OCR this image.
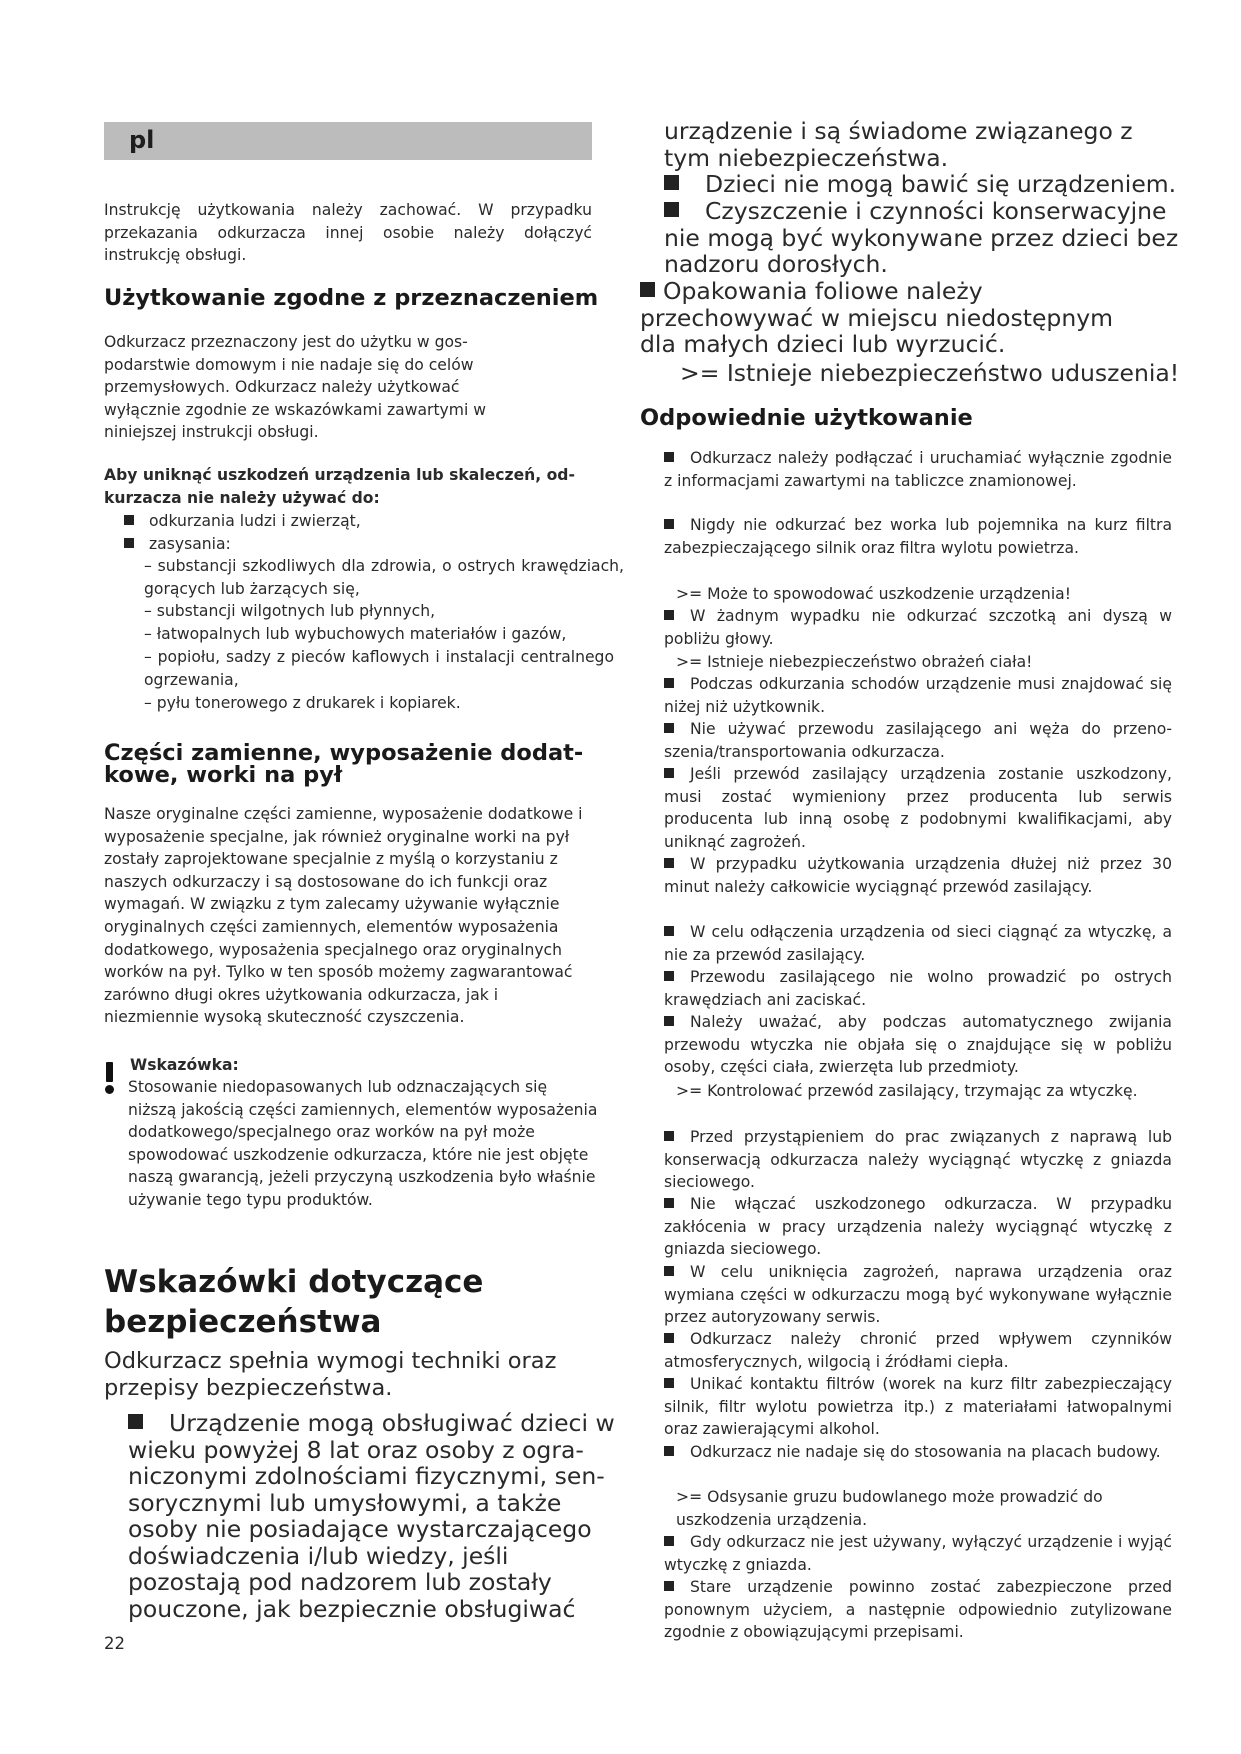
pl

Instrukcję użytkowania należy zachować. W przypadku przekazania odkurzacza innej osobie należy dołączyć instrukcję obsługi.

Użytkowanie zgodne z przeznaczeniem

Odkurzacz przeznaczony jest do użytku w gospodarstwie domowym i nie nadaje się do celów przemysłowych. Odkurzacz należy użytkować wyłącznie zgodnie ze wskazówkami zawartymi w niniejszej instrukcji obsługi.

Aby uniknąć uszkodzeń urządzenia lub skaleczeń, odkurzacza nie należy używać do:

odkurzania ludzi i zwierząt,

zasysania:

– substancji szkodliwych dla zdrowia, o ostrych krawędziach, gorących lub żarzących się,

– substancji wilgotnych lub płynnych,

– łatwopalnych lub wybuchowych materiałów i gazów,

– popiołu, sadzy z pieców kaflowych i instalacji centralnego ogrzewania,

– pyłu tonerowego z drukarek i kopiarek.

Części zamienne, wyposażenie dodat-
kowe, worki na pył

Nasze oryginalne części zamienne, wyposażenie dodatkowe i wyposażenie specjalne, jak również oryginalne worki na pył zostały zaprojektowane specjalnie z myślą o korzystaniu z naszych odkurzaczy i są dostosowane do ich funkcji oraz wymagań. W związku z tym zalecamy używanie wyłącznie oryginalnych części zamiennych, elementów wyposażenia dodatkowego, wyposażenia specjalnego oraz oryginalnych worków na pył. Tylko w ten sposób możemy zagwarantować zarówno długi okres użytkowania odkurzacza, jak i niezmiennie wysoką skuteczność czyszczenia.

Wskazówka:

Stosowanie niedopasowanych lub odznaczających się niższą jakością części zamiennych, elementów wyposażenia dodatkowego/specjalnego oraz worków na pył może spowodować uszkodzenie odkurzacza, które nie jest objęte naszą gwarancją, jeżeli przyczyną uszkodzenia było właśnie używanie tego typu produktów.

Wskazówki dotyczące
bezpieczeństwa

Odkurzacz spełnia wymogi techniki oraz przepisy bezpieczeństwa.

Urządzenie mogą obsługiwać dzieci w wieku powyżej 8 lat oraz osoby z ograniczonymi zdolnościami fizycznymi, sensorycznymi lub umysłowymi, a także osoby nie posiadające wystarczającego doświadczenia i/lub wiedzy, jeśli pozostają pod nadzorem lub zostały pouczone, jak bezpiecznie obsługiwać

22

urządzenie i są świadome związanego z tym niebezpieczeństwa.

Dzieci nie mogą bawić się urządzeniem.

Czyszczenie i czynności konserwacyjne nie mogą być wykonywane przez dzieci bez nadzoru dorosłych.

Opakowania foliowe należy przechowywać w miejscu niedostępnym dla małych dzieci lub wyrzucić.

>= Istnieje niebezpieczeństwo uduszenia!

Odpowiednie użytkowanie

Odkurzacz należy podłączać i uruchamiać wyłącznie zgodnie z informacjami zawartymi na tabliczce znamionowej.

Nigdy nie odkurzać bez worka lub pojemnika na kurz filtra zabezpieczającego silnik oraz filtra wylotu powietrza.

>= Może to spowodować uszkodzenie urządzenia!

W żadnym wypadku nie odkurzać szczotką ani dyszą w pobliżu głowy.

>= Istnieje niebezpieczeństwo obrażeń ciała!

Podczas odkurzania schodów urządzenie musi znajdować się niżej niż użytkownik.

Nie używać przewodu zasilającego ani węża do przenoszenia/transportowania odkurzacza.

Jeśli przewód zasilający urządzenia zostanie uszkodzony, musi zostać wymieniony przez producenta lub serwis producenta lub inną osobę z podobnymi kwalifikacjami, aby uniknąć zagrożeń.

W przypadku użytkowania urządzenia dłużej niż przez 30 minut należy całkowicie wyciągnąć przewód zasilający.

W celu odłączenia urządzenia od sieci ciągnąć za wtyczkę, a nie za przewód zasilający.

Przewodu zasilającego nie wolno prowadzić po ostrych krawędziach ani zaciskać.

Należy uważać, aby podczas automatycznego zwijania przewodu wtyczka nie objała się o znajdujące się w pobliżu osoby, części ciała, zwierzęta lub przedmioty.

>= Kontrolować przewód zasilający, trzymając za wtyczkę.

Przed przystąpieniem do prac związanych z naprawą lub konserwacją odkurzacza należy wyciągnąć wtyczkę z gniazda sieciowego.

Nie włączać uszkodzonego odkurzacza. W przypadku zakłócenia w pracy urządzenia należy wyciągnąć wtyczkę z gniazda sieciowego.

W celu uniknięcia zagrożeń, naprawa urządzenia oraz wymiana części w odkurzaczu mogą być wykonywane wyłącznie przez autoryzowany serwis.

Odkurzacz należy chronić przed wpływem czynników atmosferycznych, wilgocią i źródłami ciepła.

Unikać kontaktu filtrów (worek na kurz filtr zabezpieczający silnik, filtr wylotu powietrza itp.) z materiałami łatwopalnymi oraz zawierającymi alkohol.

Odkurzacz nie nadaje się do stosowania na placach budowy.

>= Odsysanie gruzu budowlanego może prowadzić do uszkodzenia urządzenia.

Gdy odkurzacz nie jest używany, wyłączyć urządzenie i wyjąć wtyczkę z gniazda.

Stare urządzenie powinno zostać zabezpieczone przed ponownym użyciem, a następnie odpowiednio zutylizowane zgodnie z obowiązującymi przepisami.
